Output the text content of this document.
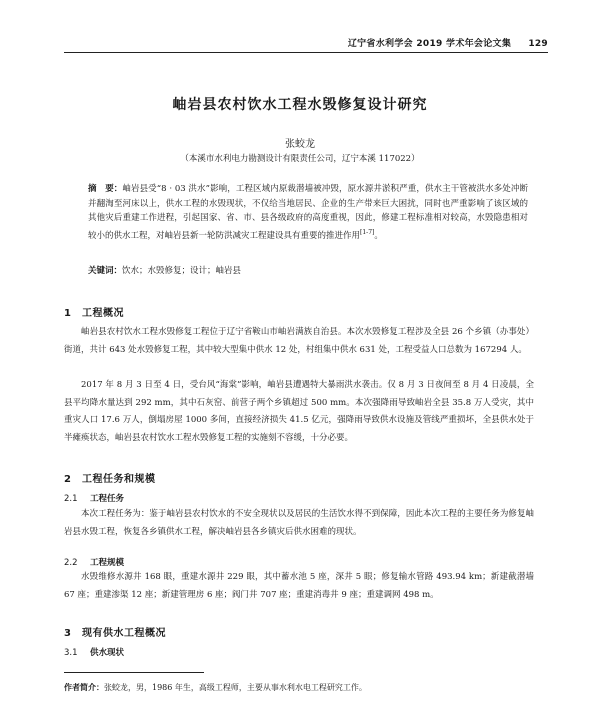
辽宁省水利学会 2019 学术年会论文集 129
岫岩县农村饮水工程水毁修复设计研究
张蛟龙
（本溪市水利电力勘测设计有限责任公司，辽宁本溪 117022）
摘　要：岫岩县受“8 · 03 洪水”影响，工程区域内原裁潜墙被冲毁，原水源井淤积严重，供水主干管被洪水多处冲断并翻淘至河床以上，供水工程的水毁现状，不仅给当地居民、企业的生产带来巨大困扰，同时也严重影响了该区域的其他灾后重建工作进程，引起国家、省、市、县各级政府的高度重视，因此，修建工程标准相对较高，水毁隐患相对较小的供水工程，对岫岩县新一轮防洪减灾工程建设具有重要的推进作用[1-7]。
关键词：饮水；水毁修复；设计；岫岩县
1 工程概况
岫岩县农村饮水工程水毁修复工程位于辽宁省鞍山市岫岩满族自治县。本次水毁修复工程涉及全县 26 个乡镇（办事处）街道，共计 643 处水毁修复工程，其中较大型集中供水 12 处，村组集中供水 631 处，工程受益人口总数为 167294 人。
2017 年 8 月 3 日至 4 日，受台风“海棠”影响，岫岩县遭遇特大暴雨洪水袭击。仅 8 月 3 日夜间至 8 月 4 日凌晨，全县平均降水量达到 292 mm，其中石灰窑、前营子两个乡镇超过 500 mm。本次强降雨导致岫岩全县 35.8 万人受灾，其中重灾人口 17.6 万人，倒塌房屋 1000 多间，直接经济损失 41.5 亿元，强降雨导致供水设施及管线严重损坏，全县供水处于半瘫痪状态，岫岩县农村饮水工程水毁修复工程的实施刻不容缓，十分必要。
2 工程任务和规模
2.1 工程任务
本次工程任务为：鉴于岫岩县农村饮水的不安全现状以及居民的生活饮水得不到保障，因此本次工程的主要任务为修复岫岩县水毁工程，恢复各乡镇供水工程，解决岫岩县各乡镇灾后供水困难的现状。
2.2 工程规模
水毁维修水源井 168 眼，重建水源井 229 眼，其中蓄水池 5 座，深井 5 眼；修复输水管路 493.94 km；新建截潜墙 67 座；重建渗渠 12 座；新建管理房 6 座；阀门井 707 座；重建消毒井 9 座；重建调网 498 m。
3 现有供水工程概况
3.1 供水现状
作者简介：张蛟龙，男，1986 年生，高级工程师，主要从事水利水电工程研究工作。
